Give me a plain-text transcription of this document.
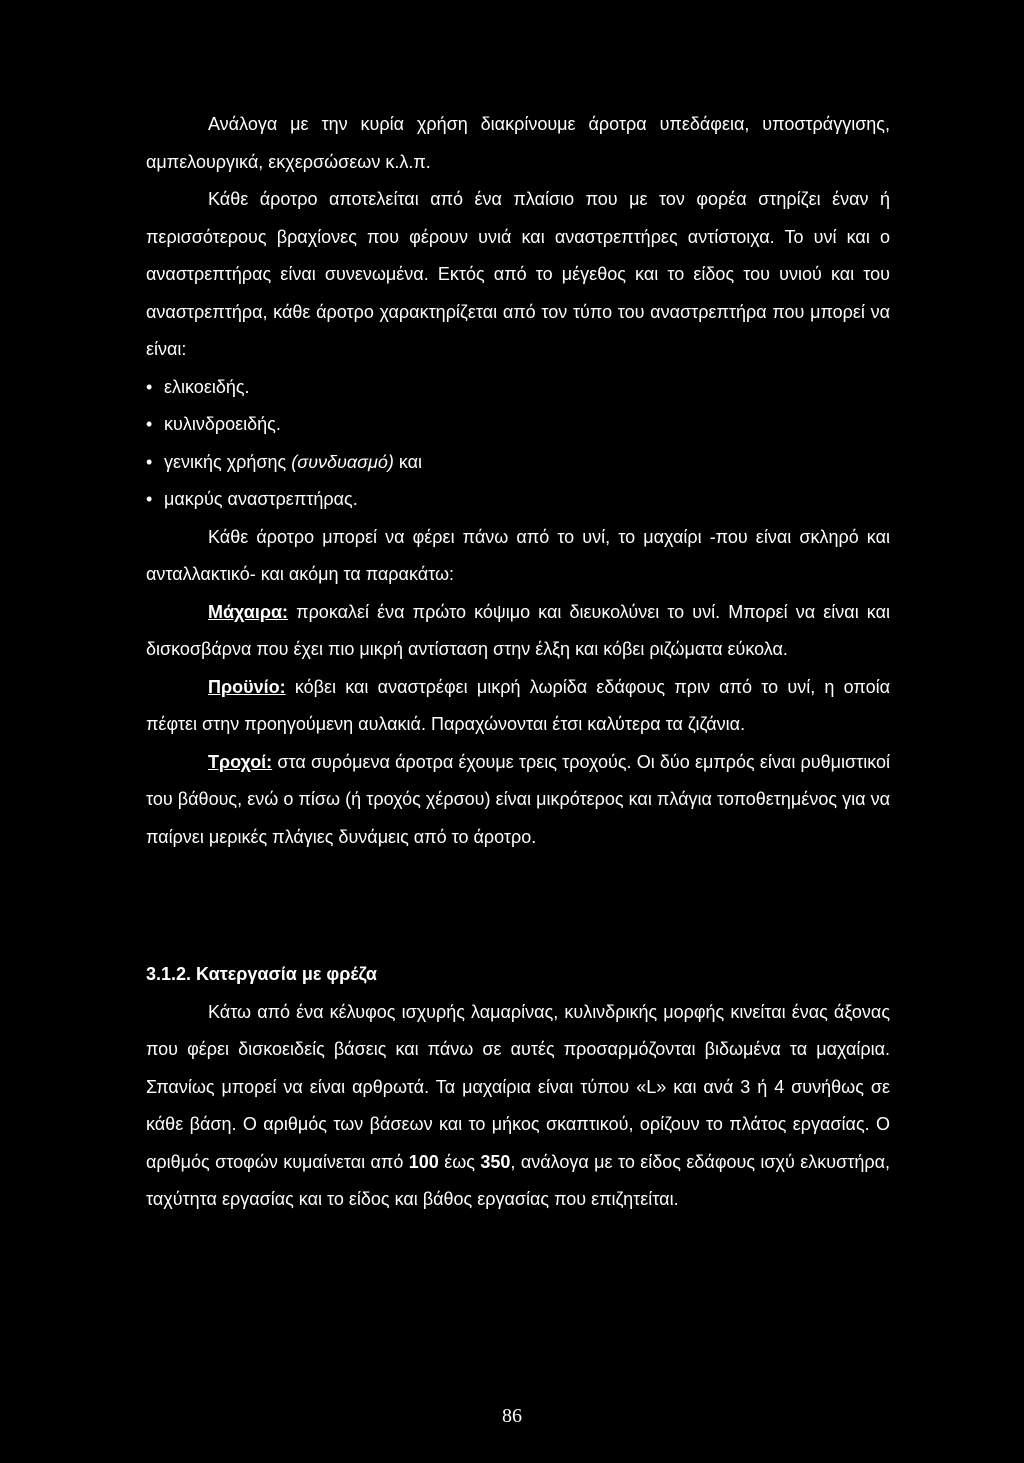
Ανάλογα με την κυρία χρήση διακρίνουμε άροτρα υπεδάφεια, υποστράγγισης, αμπελουργικά, εκχερσώσεων κ.λ.π.

Κάθε άροτρο αποτελείται από ένα πλαίσιο που με τον φορέα στηρίζει έναν ή περισσότερους βραχίονες που φέρουν υνιά και αναστρεπτήρες αντίστοιχα. Το υνί και ο αναστρεπτήρας είναι συνενωμένα. Εκτός από το μέγεθος και το είδος του υνιού και του αναστρεπτήρα, κάθε άροτρο χαρακτηρίζεται από τον τύπο του αναστρεπτήρα που μπορεί να είναι:

• ελικοειδής.
• κυλινδροειδής.
• γενικής χρήσης (συνδυασμό) και
• μακρύς αναστρεπτήρας.

Κάθε άροτρο μπορεί να φέρει πάνω από το υνί, το μαχαίρι -που είναι σκληρό και ανταλλακτικό- και ακόμη τα παρακάτω:

Μάχαιρα: προκαλεί ένα πρώτο κόψιμο και διευκολύνει το υνί. Μπορεί να είναι και δισκοσβάρνα που έχει πιο μικρή αντίσταση στην έλξη και κόβει ριζώματα εύκολα.

Προϋνίο: κόβει και αναστρέφει μικρή λωρίδα εδάφους πριν από το υνί, η οποία πέφτει στην προηγούμενη αυλακιά. Παραχώνονται έτσι καλύτερα τα ζιζάνια.

Τροχοί: στα συρόμενα άροτρα έχουμε τρεις τροχούς. Οι δύο εμπρός είναι ρυθμιστικοί του βάθους, ενώ ο πίσω (ή τροχός χέρσου) είναι μικρότερος και πλάγια τοποθετημένος για να παίρνει μερικές πλάγιες δυνάμεις από το άροτρο.

3.1.2. Κατεργασία με φρέζα

Κάτω από ένα κέλυφος ισχυρής λαμαρίνας, κυλινδρικής μορφής κινείται ένας άξονας που φέρει δισκοειδείς βάσεις και πάνω σε αυτές προσαρμόζονται βιδωμένα τα μαχαίρια. Σπανίως μπορεί να είναι αρθρωτά. Τα μαχαίρια είναι τύπου «L» και ανά 3 ή 4 συνήθως σε κάθε βάση. Ο αριθμός των βάσεων και το μήκος σκαπτικού, ορίζουν το πλάτος εργασίας. Ο αριθμός στοφών κυμαίνεται από 100 έως 350, ανάλογα με το είδος εδάφους ισχύ ελκυστήρα, ταχύτητα εργασίας και το είδος και βάθος εργασίας που επιζητείται.

86
